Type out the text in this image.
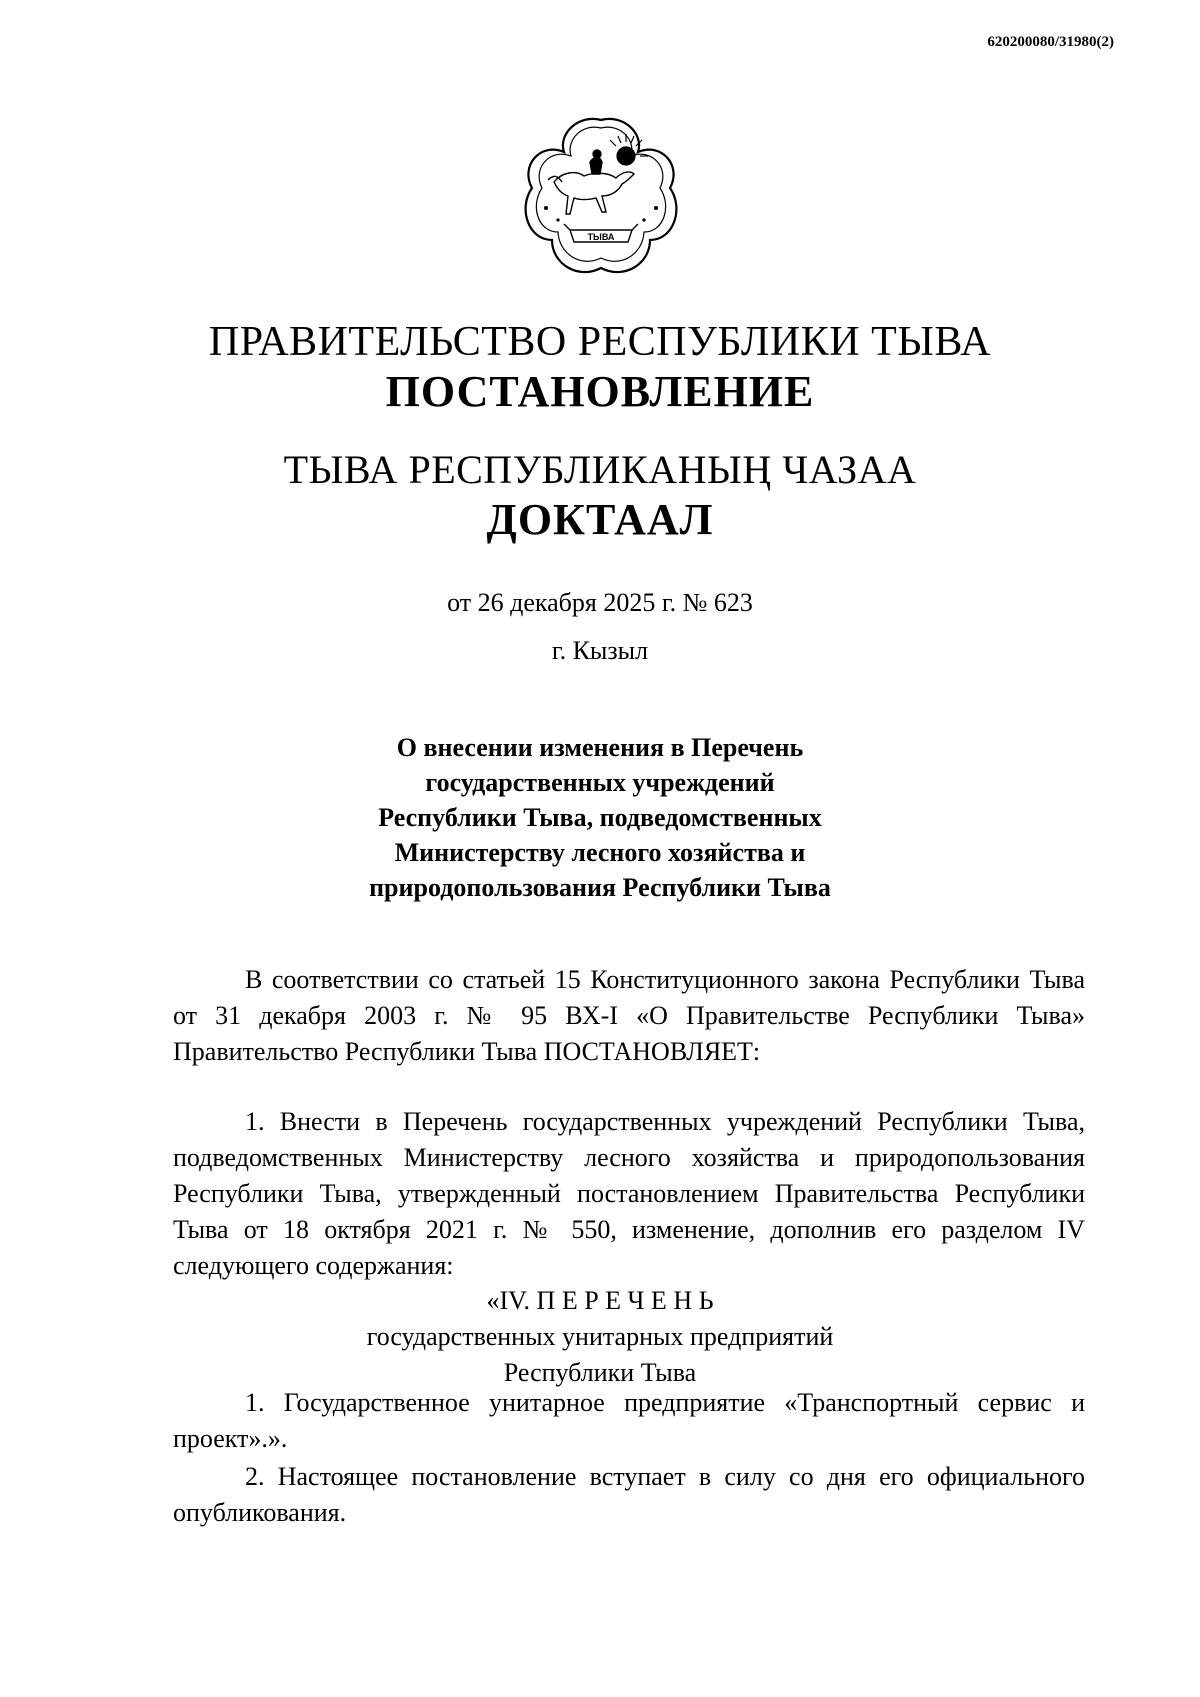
620200080/31980(2)
ТЫВА
ПРАВИТЕЛЬСТВО РЕСПУБЛИКИ ТЫВА
ПОСТАНОВЛЕНИЕ
ТЫВА РЕСПУБЛИКАНЫҢ ЧАЗАА
ДОКТААЛ
от 26 декабря 2025 г. № 623
г. Кызыл
О внесении изменения в Перечень
государственных учреждений
Республики Тыва, подведомственных
Министерству лесного хозяйства и
природопользования Республики Тыва

В соответствии со статьей 15 Конституционного закона Республики Тыва от 31 декабря 2003 г. № 95 ВХ-I «О Правительстве Республики Тыва» Правительство Республики Тыва ПОСТАНОВЛЯЕТ:

1. Внести в Перечень государственных учреждений Республики Тыва, подведомственных Министерству лесного хозяйства и природопользования Республики Тыва, утвержденный постановлением Правительства Республики Тыва от 18 октября 2021 г. № 550, изменение, дополнив его разделом IV следующего содержания:

«IV. П Е Р Е Ч Е Н Ь
государственных унитарных предприятий
Республики Тыва

1. Государственное унитарное предприятие «Транспортный сервис и проект».».

2. Настоящее постановление вступает в силу со дня его официального опубликования.
